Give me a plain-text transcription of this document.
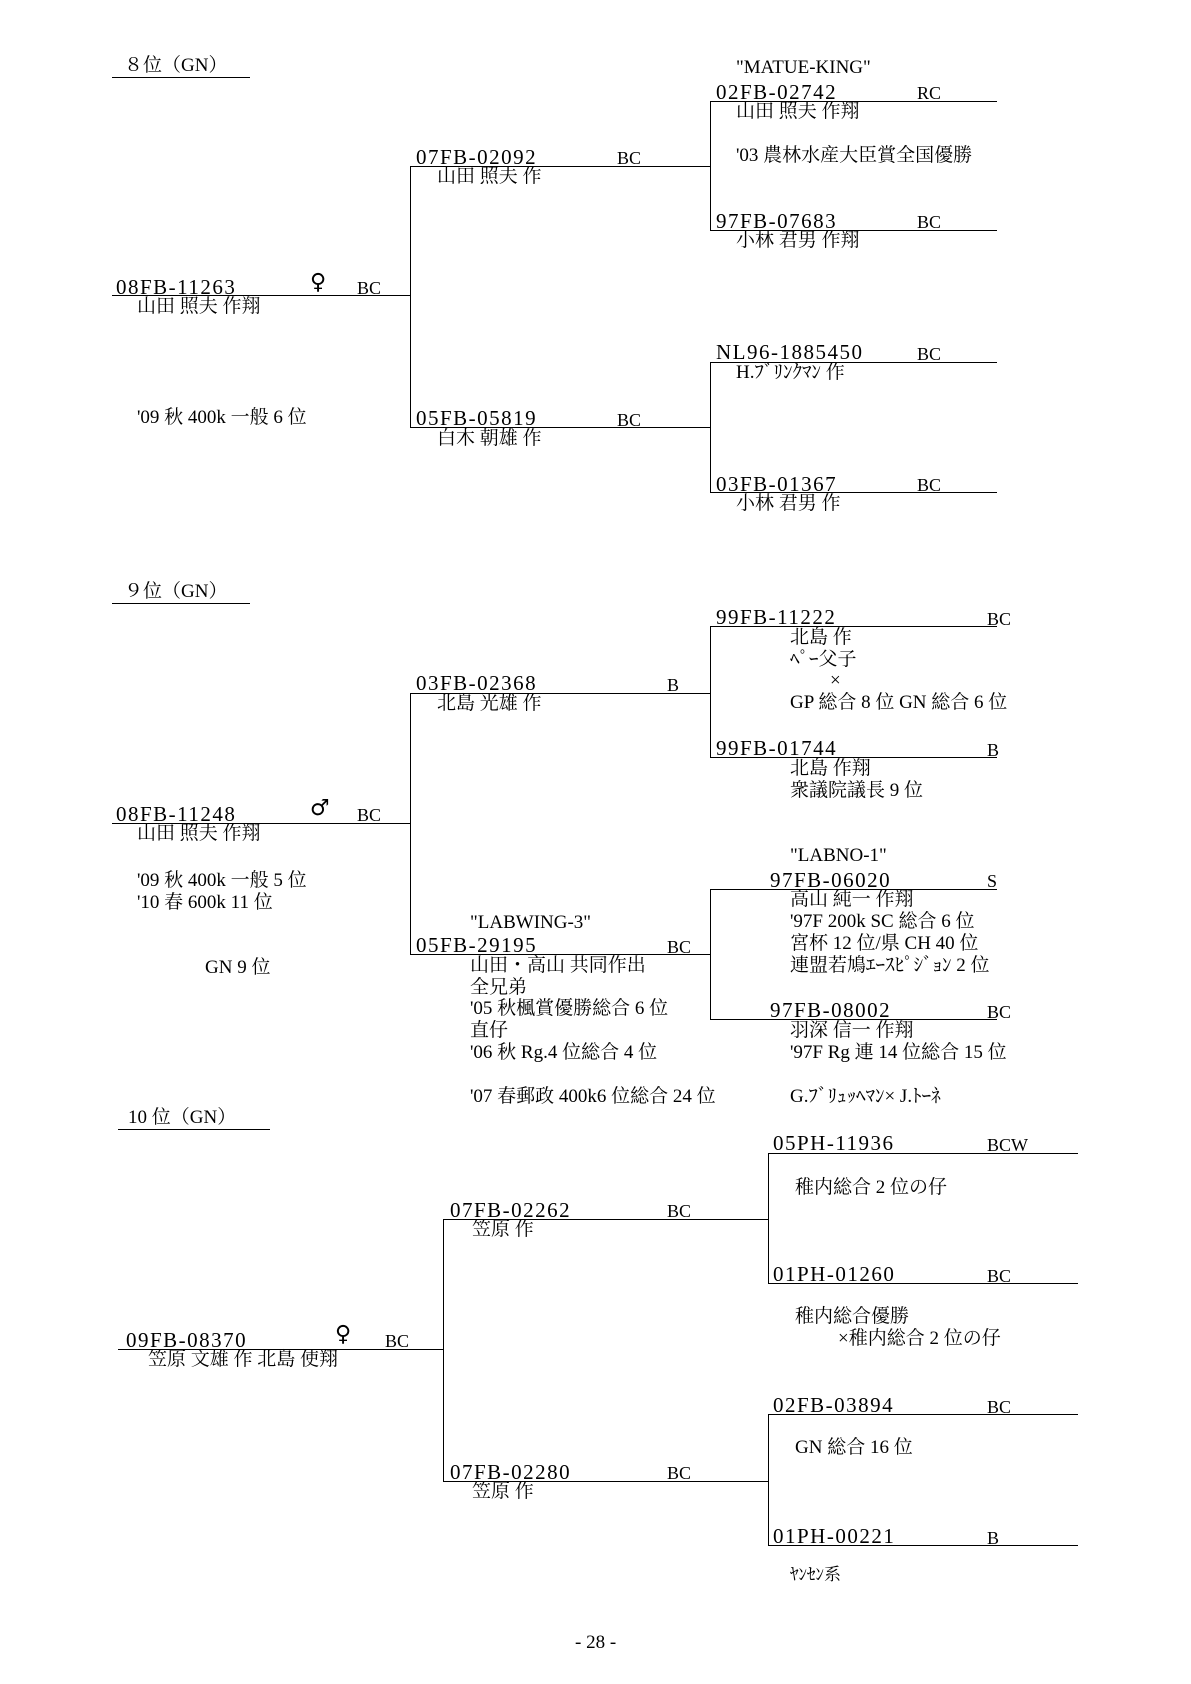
８位（GN）
08FB-11263	♀ BC
山田 照夫 作翔
'09 秋 400k 一般 6 位
07FB-02092	BC
山田 照夫 作
05FB-05819	BC
白木 朝雄 作
"MATUE-KING"
02FB-02742	RC
山田 照夫 作翔
'03 農林水産大臣賞全国優勝
97FB-07683	BC
小林 君男 作翔
NL96-1885450	BC
H.ﾌﾞﾘﾝｸﾏﾝ 作
03FB-01367	BC
小林 君男 作
９位（GN）
08FB-11248	♂ BC
山田 照夫 作翔
'09 秋 400k 一般 5 位
'10 春 600k 11 位
GN 9 位
03FB-02368	B
北島 光雄 作
"LABWING-3"
05FB-29195	BC
山田・高山 共同作出
全兄弟
'05 秋楓賞優勝総合 6 位
直仔
'06 秋 Rg.4 位総合 4 位
'07 春郵政 400k6 位総合 24 位
99FB-11222	BC
北島 作
ﾍﾟｰ父子
×
GP 総合 8 位 GN 総合 6 位
99FB-01744	B
北島 作翔
衆議院議長 9 位
"LABNO-1"
97FB-06020	S
高山 純一 作翔
'97F 200k SC 総合 6 位
宮杯 12 位/県 CH 40 位
連盟若鳩ｴｰｽﾋﾟｼﾞｮﾝ 2 位
97FB-08002	BC
羽深 信一 作翔
'97F Rg 連 14 位総合 15 位
G.ﾌﾞﾘｭｯﾍﾏﾝ× J.ﾄｰﾈ
10 位（GN）
09FB-08370	♀ BC
笠原 文雄 作 北島 使翔
07FB-02262	BC
笠原 作
07FB-02280	BC
笠原 作
05PH-11936	BCW
稚内総合 2 位の仔
01PH-01260	BC
稚内総合優勝
×稚内総合 2 位の仔
02FB-03894	BC
GN 総合 16 位
01PH-00221	B
ﾔﾝｾﾝ系
- 28 -
